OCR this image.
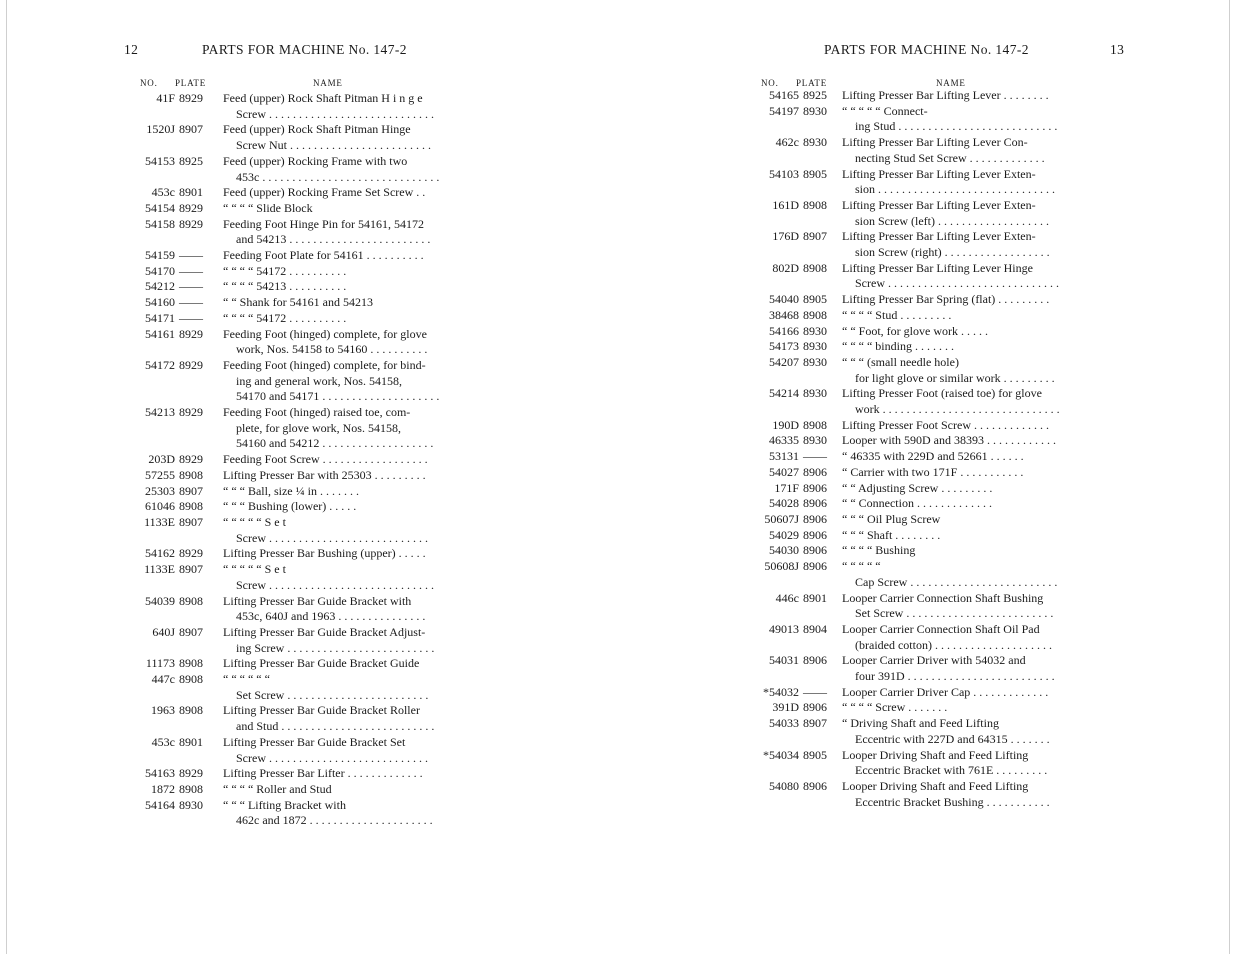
12	PARTS FOR MACHINE No. 147-2
NO. PLATE	NAME
41F 8929	Feed (upper) Rock Shaft Pitman H i n g e
Screw . . . . . . . . . . . . . . . . . . . . . . . . . . . .
1520J 8907	Feed (upper) Rock Shaft Pitman Hinge
Screw Nut . . . . . . . . . . . . . . . . . . . . . . . .
54153 8925	Feed (upper) Rocking Frame with two
453c . . . . . . . . . . . . . . . . . . . . . . . . . . . . . .
453c 8901	Feed (upper) Rocking Frame Set Screw . .
54154 8929	“ “ “ “ Slide Block
54158 8929	Feeding Foot Hinge Pin for 54161, 54172
and 54213 . . . . . . . . . . . . . . . . . . . . . . . .
54159 ——	Feeding Foot Plate for 54161 . . . . . . . . . .
54170 ——	“ “ “ “ 54172 . . . . . . . . . .
54212 ——	“ “ “ “ 54213 . . . . . . . . . .
54160 ——	“ “ Shank for 54161 and 54213
54171 ——	“ “ “ “ 54172 . . . . . . . . . .
54161 8929	Feeding Foot (hinged) complete, for glove
work, Nos. 54158 to 54160 . . . . . . . . . .
54172 8929	Feeding Foot (hinged) complete, for bind-
ing and general work, Nos. 54158,
54170 and 54171 . . . . . . . . . . . . . . . . . . . .
54213 8929	Feeding Foot (hinged) raised toe, com-
plete, for glove work, Nos. 54158,
54160 and 54212 . . . . . . . . . . . . . . . . . . .
203D 8929	Feeding Foot Screw . . . . . . . . . . . . . . . . . .
57255 8908	Lifting Presser Bar with 25303 . . . . . . . . .
25303 8907	“ “ “ Ball, size ¼ in . . . . . . .
61046 8908	“ “ “ Bushing (lower) . . . . .
1133E 8907	“ “ “ “ “ S e t
Screw . . . . . . . . . . . . . . . . . . . . . . . . . . .
54162 8929	Lifting Presser Bar Bushing (upper) . . . . .
1133E 8907	“ “ “ “ “ S e t
Screw . . . . . . . . . . . . . . . . . . . . . . . . . . . .
54039 8908	Lifting Presser Bar Guide Bracket with
453c, 640J and 1963 . . . . . . . . . . . . . . .
640J 8907	Lifting Presser Bar Guide Bracket Adjust-
ing Screw . . . . . . . . . . . . . . . . . . . . . . . . .
11173 8908	Lifting Presser Bar Guide Bracket Guide
447c 8908	“ “ “ “ “ “
Set Screw . . . . . . . . . . . . . . . . . . . . . . . .
1963 8908	Lifting Presser Bar Guide Bracket Roller
and Stud . . . . . . . . . . . . . . . . . . . . . . . . . .
453c 8901	Lifting Presser Bar Guide Bracket Set
Screw . . . . . . . . . . . . . . . . . . . . . . . . . . .
54163 8929	Lifting Presser Bar Lifter . . . . . . . . . . . . .
1872 8908	“ “ “ “ Roller and Stud
54164 8930	“ “ “ Lifting Bracket with
462c and 1872 . . . . . . . . . . . . . . . . . . . . .
PARTS FOR MACHINE No. 147-2	13
NO. PLATE	NAME
54165 8925	Lifting Presser Bar Lifting Lever . . . . . . . .
54197 8930	“ “ “ “ “ Connect-
ing Stud . . . . . . . . . . . . . . . . . . . . . . . . . . .
462c 8930	Lifting Presser Bar Lifting Lever Con-
necting Stud Set Screw . . . . . . . . . . . . .
54103 8905	Lifting Presser Bar Lifting Lever Exten-
sion . . . . . . . . . . . . . . . . . . . . . . . . . . . . . .
161D 8908	Lifting Presser Bar Lifting Lever Exten-
sion Screw (left) . . . . . . . . . . . . . . . . . . .
176D 8907	Lifting Presser Bar Lifting Lever Exten-
sion Screw (right) . . . . . . . . . . . . . . . . . .
802D 8908	Lifting Presser Bar Lifting Lever Hinge
Screw . . . . . . . . . . . . . . . . . . . . . . . . . . . . .
54040 8905	Lifting Presser Bar Spring (flat) . . . . . . . . .
38468 8908	“ “ “ “ Stud . . . . . . . . .
54166 8930	“ “ Foot, for glove work . . . . .
54173 8930	“ “ “ “ binding . . . . . . .
54207 8930	“ “ “ (small needle hole)
for light glove or similar work . . . . . . . . .
54214 8930	Lifting Presser Foot (raised toe) for glove
work . . . . . . . . . . . . . . . . . . . . . . . . . . . . . .
190D 8908	Lifting Presser Foot Screw . . . . . . . . . . . . .
46335 8930	Looper with 590D and 38393 . . . . . . . . . . . .
53131 ——	“ 46335 with 229D and 52661 . . . . . .
54027 8906	“ Carrier with two 171F . . . . . . . . . . .
171F 8906	“ “ Adjusting Screw . . . . . . . . .
54028 8906	“ “ Connection . . . . . . . . . . . . .
50607J 8906	“ “ “ Oil Plug Screw
54029 8906	“ “ “ Shaft . . . . . . . .
54030 8906	“ “ “ “ Bushing
50608J 8906	“ “ “ “ “
Cap Screw . . . . . . . . . . . . . . . . . . . . . . . . .
446c 8901	Looper Carrier Connection Shaft Bushing
Set Screw . . . . . . . . . . . . . . . . . . . . . . . . .
49013 8904	Looper Carrier Connection Shaft Oil Pad
(braided cotton) . . . . . . . . . . . . . . . . . . . .
54031 8906	Looper Carrier Driver with 54032 and
four 391D . . . . . . . . . . . . . . . . . . . . . . . . .
*54032 ——	Looper Carrier Driver Cap . . . . . . . . . . . . .
391D 8906	“ “ “ “ Screw . . . . . . .
54033 8907	“ Driving Shaft and Feed Lifting
Eccentric with 227D and 64315 . . . . . . .
*54034 8905	Looper Driving Shaft and Feed Lifting
Eccentric Bracket with 761E . . . . . . . . .
54080 8906	Looper Driving Shaft and Feed Lifting
Eccentric Bracket Bushing . . . . . . . . . . .
